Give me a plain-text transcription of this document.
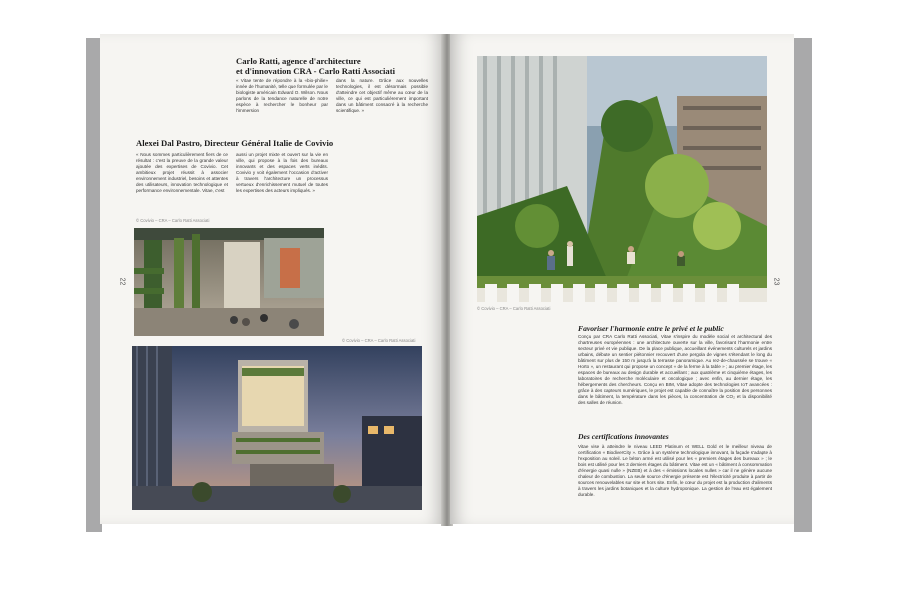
Carlo Ratti, agence d'architecture
et d'innovation CRA - Carlo Ratti Associati
« Vitae tente de répondre à la «bio-philie» innée de l'humanité, telle que formulée par le biologiste américain Edward O. Wilson. Nous parlons de la tendance naturelle de notre espèce à rechercher le bonheur par l'immersion
dans la nature. Grâce aux nouvelles technologies, il est désormais possible d'atteindre cet objectif même au cœur de la ville, ce qui est particulièrement important dans un bâtiment consacré à la recherche scientifique. »
Alexei Dal Pastro, Directeur Général Italie de Covivio
« Nous sommes particulièrement fiers de ce résultat : c'est la preuve de la grande valeur ajoutée des expertises de Covivio. Cet ambitieux projet réussit à associer environnement industriel, besoins et attentes des utilisateurs, innovation technologique et performance environnementale. Vitae, c'est
aussi un projet mixte et ouvert sur la vie en ville, qui propose à la fois des bureaux innovants et des espaces verts inédits. Covivio y voit également l'occasion d'activer à travers l'architecture un processus vertueux d'enrichissement mutuel de toutes les expertises des acteurs impliqués. »
© Covivio – CRA – Carlo Ratti Associati
© Covivio – CRA – Carlo Ratti Associati
22
© Covivio – CRA – Carlo Ratti Associati
Favoriser l'harmonie entre le privé et le public
Conçu par CRA Carlo Ratti Associati, Vitae s'inspire du modèle social et architectural des chartreuses européennes : une architecture ouverte sur la ville, favorisant l'harmonie entre secteur privé et vie publique. De la place publique, accueillant événements culturels et jardins urbains, débute un sentier piétonnier recouvert d'une pergola de vignes s'étendant le long du bâtiment sur plus de 150 m jusqu'à la terrasse panoramique. Au rez-de-chaussée se trouve « Horto », un restaurant qui propose un concept « de la ferme à la table » ; au premier étage, les espaces de bureaux au design durable et accueillant ; aux quatrième et cinquième étages, les laboratoires de recherche moléculaire et oncologique ; avec enfin, au dernier étage, les hébergements des chercheurs. Conçu en BIM, Vitae adopte des technologies IoT avancées : grâce à des capteurs numériques, le projet est capable de connaître la position des personnes dans le bâtiment, la température dans les pièces, la concentration de CO₂ et la disponibilité des salles de réunion.
Des certifications innovantes
Vitae vise à atteindre le niveau LEED Platinum et WELL Gold et le meilleur niveau de certification « BiodiverCity ». Grâce à un système technologique innovant, la façade s'adapte à l'exposition au soleil. Le béton armé est utilisé pour les « premiers étages des bureaux » ; le bois est utilisé pour les 3 derniers étages du bâtiment. Vitae est un « bâtiment à consommation d'énergie quasi nulle » (NZEB) et à des « émissions locales nulles » car il ne génère aucune chaleur de combustion. La seule source d'énergie présente est l'électricité produite à partir de sources renouvelables sur site et hors site. Enfin, le cœur du projet est la production d'aliments à travers les jardins botaniques et la culture hydroponique. La gestion de l'eau est également durable.
23
